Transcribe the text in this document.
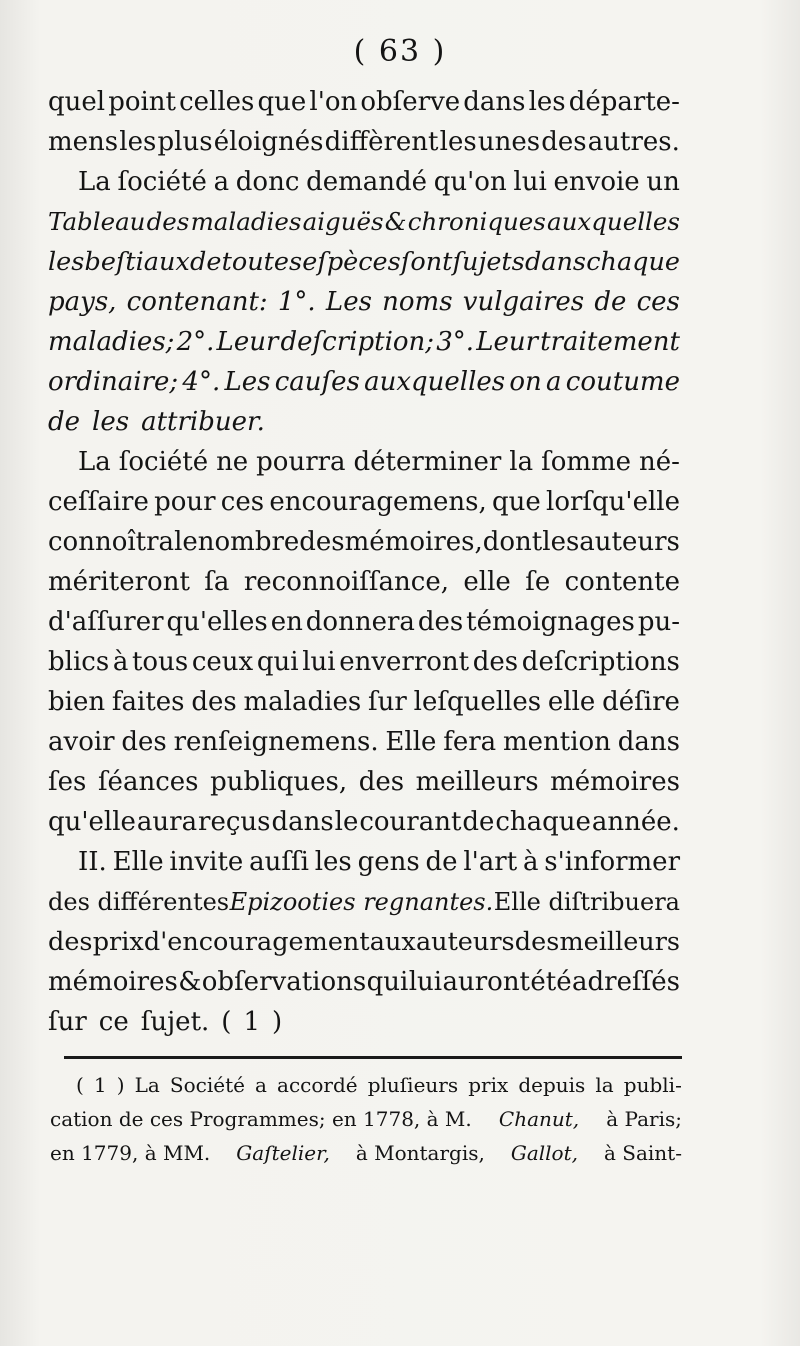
( 63 )
quel point celles que l'on obſerve dans les départe-
mens les plus éloignés diffèrent les unes des autres.
La ſociété a donc demandé qu'on lui envoie un
Tableau des maladies aiguës & chroniques auxquelles
les beſtiaux de toutes eſpèces ſont ſujets dans chaque
pays, contenant: 1°. Les noms vulgaires de ces
maladies; 2°. Leur deſcription; 3°. Leur traitement
ordinaire; 4°. Les cauſes auxquelles on a coutume
de les attribuer.
La ſociété ne pourra déterminer la ſomme né-
ceſſaire pour ces encouragemens, que lorſqu'elle
connoîtra le nombre des mémoires, dont les auteurs
mériteront ſa reconnoiſſance, elle ſe contente
d'aſſurer qu'elles en donnera des témoignages pu-
blics à tous ceux qui lui enverront des deſcriptions
bien faites des maladies ſur leſquelles elle déſire
avoir des renſeignemens. Elle fera mention dans
ſes ſéances publiques, des meilleurs mémoires
qu'elle aura reçus dans le courant de chaque année.
II. Elle invite auſſi les gens de l'art à s'informer
des différentes Epizooties regnantes. Elle diſtribuera
des prix d'encouragement aux auteurs des meilleurs
mémoires & obſervations qui lui auront été adreſſés
ſur ce ſujet. ( 1 )
( 1 ) La Société a accordé pluſieurs prix depuis la publi-
cation de ces Programmes; en 1778, à M. Chanut, à Paris;
en 1779, à MM. Gaſtelier, à Montargis, Gallot, à Saint-
